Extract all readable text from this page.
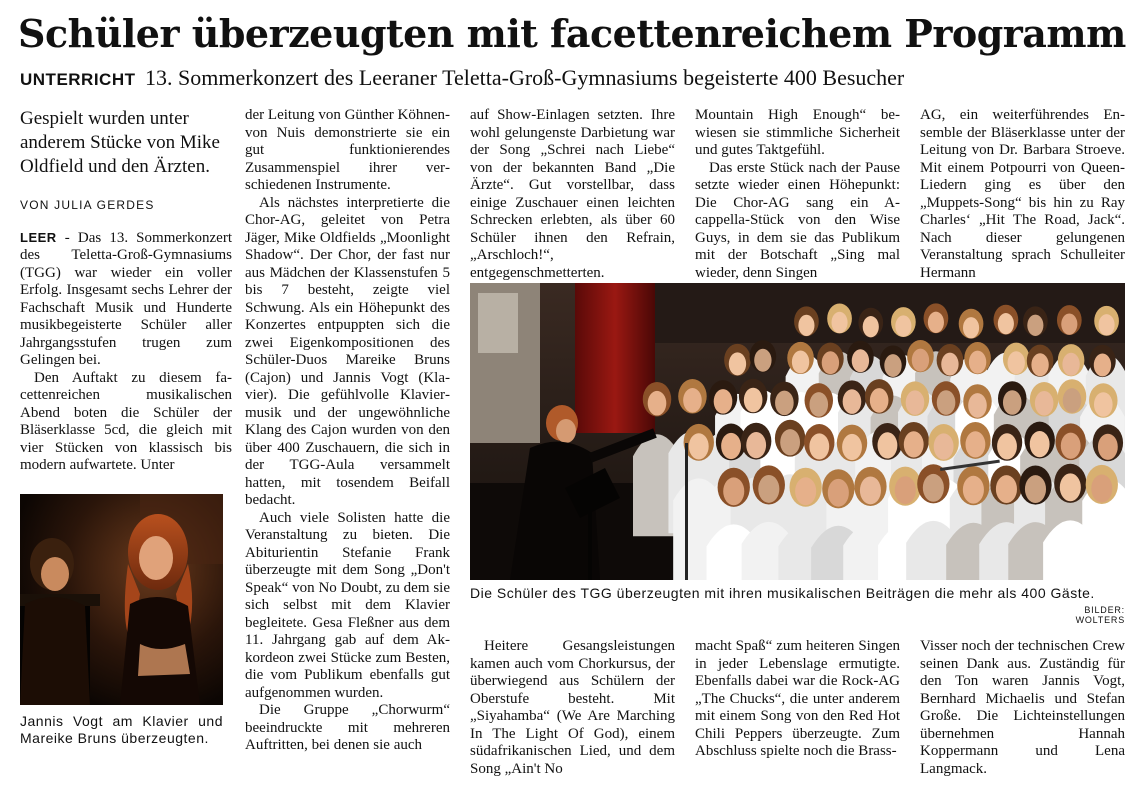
Schüler überzeugten mit facettenreichem Programm
UNTERRICHT 13. Sommerkonzert des Leeraner Teletta-Groß-Gymnasiums begeisterte 400 Besucher
Gespielt wurden unter anderem Stücke von Mike Oldfield und den Ärzten.
VON JULIA GERDES

LEER - Das 13. Sommerkonzert des Teletta-Groß-Gymnasiums (TGG) war wieder ein voller Erfolg. Insgesamt sechs Lehrer der Fachschaft Musik und Hunderte musikbegeisterte Schüler aller Jahrgangsstufen trugen zum Gelingen bei.

Den Auftakt zu diesem facettenreichen musikalischen Abend boten die Schüler der Bläserklasse 5cd, die gleich mit vier Stücken von klassisch bis modern aufwartete. Unter

Jannis Vogt am Klavier und Mareike Bruns überzeugten.

der Leitung von Günther Köhnen-von Nuis demonstrierte sie ein gut funktionierendes Zusammenspiel ihrer verschiedenen Instrumente.

Als nächstes interpretierte die Chor-AG, geleitet von Petra Jäger, Mike Oldfields „Moonlight Shadow“. Der Chor, der fast nur aus Mädchen der Klassenstufen 5 bis 7 besteht, zeigte viel Schwung. Als ein Höhepunkt des Konzertes entpuppten sich die zwei Eigenkompositionen des Schüler-Duos Mareike Bruns (Cajon) und Jannis Vogt (Klavier). Die gefühlvolle Klaviermusik und der ungewöhnliche Klang des Cajon wurden von den über 400 Zuschauern, die sich in der TGG-Aula versammelt hatten, mit tosendem Beifall bedacht.

Auch viele Solisten hatte die Veranstaltung zu bieten. Die Abiturientin Stefanie Frank überzeugte mit dem Song „Don't Speak“ von No Doubt, zu dem sie sich selbst mit dem Klavier begleitete. Gesa Fleßner aus dem 11. Jahrgang gab auf dem Akkordeon zwei Stücke zum Besten, die vom Publikum ebenfalls gut aufgenommen wurden.

Die Gruppe „Chorwurm“ beeindruckte mit mehreren Auftritten, bei denen sie auch

auf Show-Einlagen setzten. Ihre wohl gelungenste Darbietung war der Song „Schrei nach Liebe“ von der bekannten Band „Die Ärzte“. Gut vorstellbar, dass einige Zuschauer einen leichten Schrecken erlebten, als über 60 Schüler ihnen den Refrain, „Arschloch!“, entgegenschmetterten.

Mountain High Enough“ bewiesen sie stimmliche Sicherheit und gutes Taktgefühl.

Das erste Stück nach der Pause setzte wieder einen Höhepunkt: Die Chor-AG sang ein A-cappella-Stück von den Wise Guys, in dem sie das Publikum mit der Botschaft „Sing mal wieder, denn Singen

AG, ein weiterführendes Ensemble der Bläserklasse unter der Leitung von Dr. Barbara Stroeve. Mit einem Potpourri von Queen-Liedern ging es über den „Muppets-Song“ bis hin zu Ray Charles‘ „Hit The Road, Jack“. Nach dieser gelungenen Veranstaltung sprach Schulleiter Hermann

Die Schüler des TGG überzeugten mit ihren musikalischen Beiträgen die mehr als 400 Gäste.
BILDER: WOLTERS

Heitere Gesangsleistungen kamen auch vom Chorkursus, der überwiegend aus Schülern der Oberstufe besteht. Mit „Siyahamba“ (We Are Marching In The Light Of God), einem südafrikanischen Lied, und dem Song „Ain't No

macht Spaß“ zum heiteren Singen in jeder Lebenslage ermutigte. Ebenfalls dabei war die Rock-AG „The Chucks“, die unter anderem mit einem Song von den Red Hot Chili Peppers überzeugte. Zum Abschluss spielte noch die Brass-

Visser noch der technischen Crew seinen Dank aus. Zuständig für den Ton waren Jannis Vogt, Bernhard Michaelis und Stefan Große. Die Lichteinstellungen übernehmen Hannah Koppermann und Lena Langmack.
